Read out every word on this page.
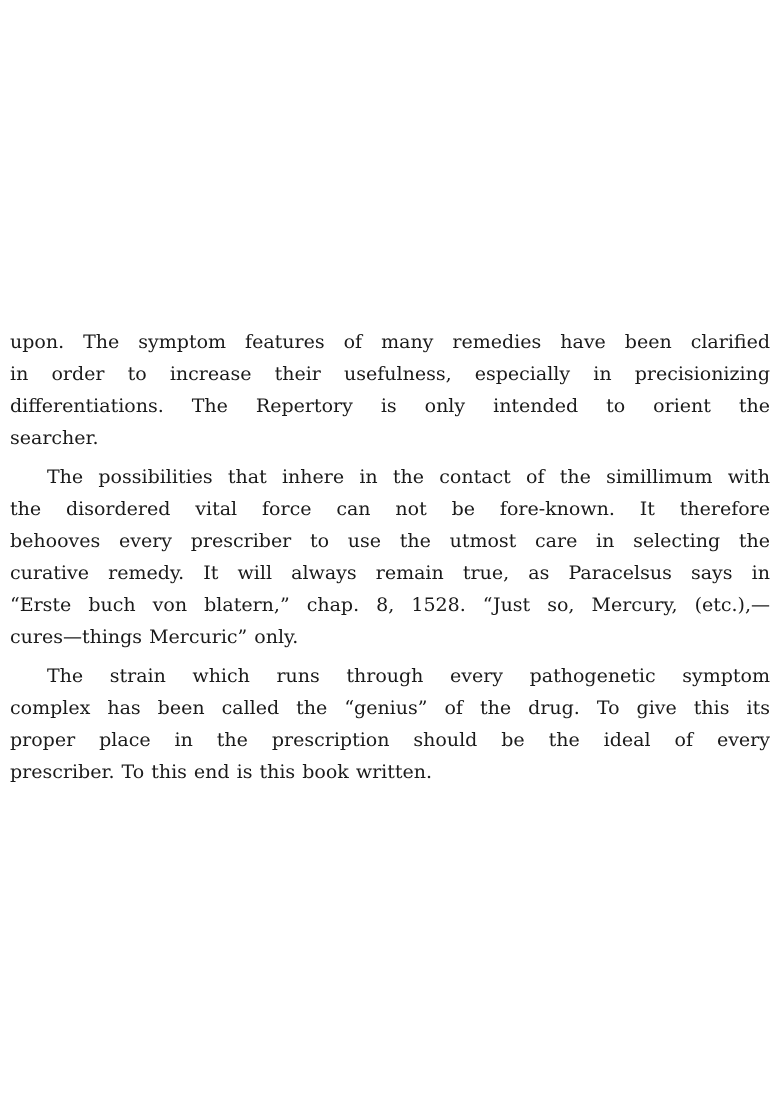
upon. The symptom features of many remedies have been clarified
in order to increase their usefulness, especially in precisionizing
differentiations. The Repertory is only intended to orient the
searcher.
The possibilities that inhere in the contact of the simillimum with
the disordered vital force can not be fore-known. It therefore
behooves every prescriber to use the utmost care in selecting the
curative remedy. It will always remain true, as Paracelsus says in
“Erste buch von blatern,” chap. 8, 1528. “Just so, Mercury, (etc.),—
cures—things Mercuric” only.
The strain which runs through every pathogenetic symptom
complex has been called the “genius” of the drug. To give this its
proper place in the prescription should be the ideal of every
prescriber. To this end is this book written.
